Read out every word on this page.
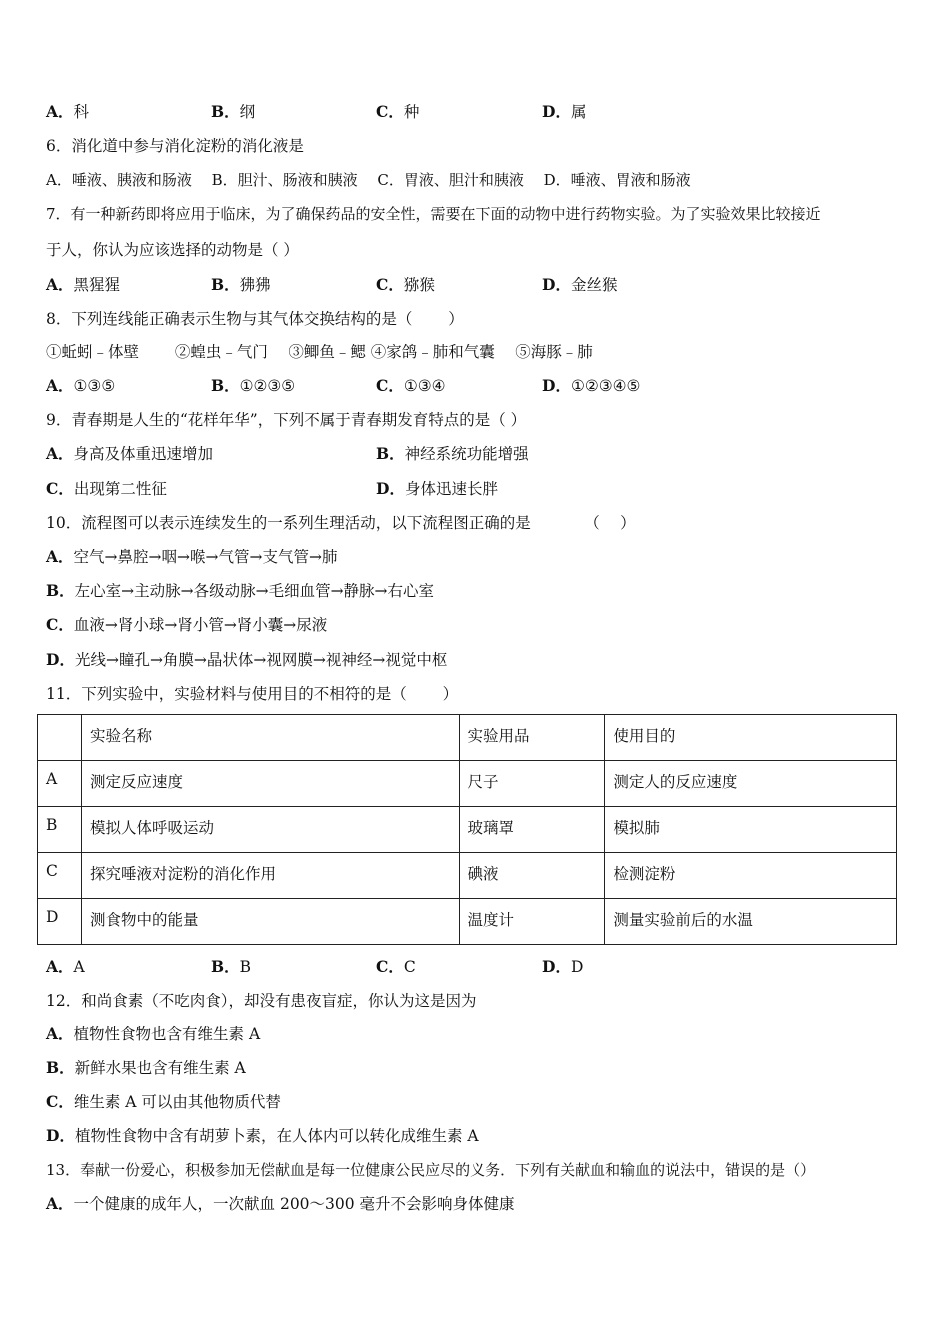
A．科	B．纲	C．种	D．属
6．消化道中参与消化淀粉的消化液是
A．唾液、胰液和肠液 　B．胆汁、肠液和胰液 　C．胃液、胆汁和胰液 　D．唾液、胃液和肠液
7．有一种新药即将应用于临床，为了确保药品的安全性，需要在下面的动物中进行药物实验。为了实验效果比较接近
于人，你认为应该选择的动物是（ ）
A．黑猩猩	B．狒狒	C．猕猴	D．金丝猴
8．下列连线能正确表示生物与其气体交换结构的是（ 　　）
①蚯蚓﹣体壁 　　②蝗虫﹣气门 　③鲫鱼﹣鳃 ④家鸽﹣肺和气囊 　⑤海豚﹣肺
A．①③⑤	B．①②③⑤	C．①③④	D．①②③④⑤
9．青春期是人生的“花样年华”，下列不属于青春期发育特点的是（ ）
A．身高及体重迅速增加	B．神经系统功能增强
C．出现第二性征	D．身体迅速长胖
10．流程图可以表示连续发生的一系列生理活动，以下流程图正确的是 　 　 　（ 　）
A．空气→鼻腔→咽→喉→气管→支气管→肺
B．左心室→主动脉→各级动脉→毛细血管→静脉→右心室
C．血液→肾小球→肾小管→肾小囊→尿液
D．光线→瞳孔→角膜→晶状体→视网膜→视神经→视觉中枢
11．下列实验中，实验材料与使用目的不相符的是（ 　　）
	实验名称	实验用品	使用目的
A	测定反应速度	尺子	测定人的反应速度
B	模拟人体呼吸运动	玻璃罩	模拟肺
C	探究唾液对淀粉的消化作用	碘液	检测淀粉
D	测食物中的能量	温度计	测量实验前后的水温
A．A	B．B	C．C	D．D
12．和尚食素（不吃肉食），却没有患夜盲症，你认为这是因为
A．植物性食物也含有维生素 A
B．新鲜水果也含有维生素 A
C．维生素 A 可以由其他物质代替
D．植物性食物中含有胡萝卜素，在人体内可以转化成维生素 A
13．奉献一份爱心，积极参加无偿献血是每一位健康公民应尽的义务．下列有关献血和输血的说法中，错误的是（）
A．一个健康的成年人，一次献血 200～300 毫升不会影响身体健康
